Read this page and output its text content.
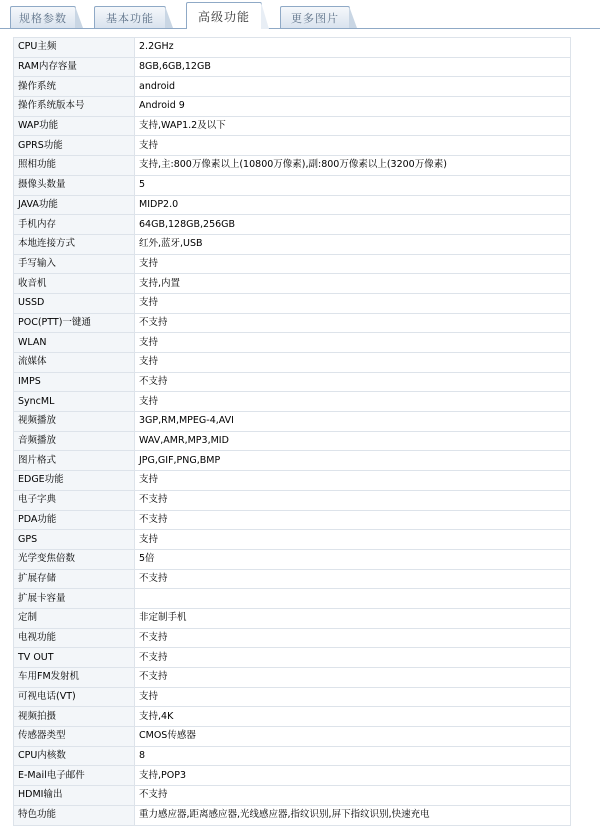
规格参数	基本功能	高级功能	更多图片
CPU主频	2.2GHz
RAM内存容量	8GB,6GB,12GB
操作系统	android
操作系统版本号	Android 9
WAP功能	支持,WAP1.2及以下
GPRS功能	支持
照相功能	支持,主:800万像素以上(10800万像素),副:800万像素以上(3200万像素)
摄像头数量	5
JAVA功能	MIDP2.0
手机内存	64GB,128GB,256GB
本地连接方式	红外,蓝牙,USB
手写输入	支持
收音机	支持,内置
USSD	支持
POC(PTT)一键通	不支持
WLAN	支持
流媒体	支持
IMPS	不支持
SyncML	支持
视频播放	3GP,RM,MPEG-4,AVI
音频播放	WAV,AMR,MP3,MID
图片格式	JPG,GIF,PNG,BMP
EDGE功能	支持
电子字典	不支持
PDA功能	不支持
GPS	支持
光学变焦倍数	5倍
扩展存储	不支持
扩展卡容量	
定制	非定制手机
电视功能	不支持
TV OUT	不支持
车用FM发射机	不支持
可视电话(VT)	支持
视频拍摄	支持,4K
传感器类型	CMOS传感器
CPU内核数	8
E-Mail电子邮件	支持,POP3
HDMI输出	不支持
特色功能	重力感应器,距离感应器,光线感应器,指纹识别,屏下指纹识别,快速充电
